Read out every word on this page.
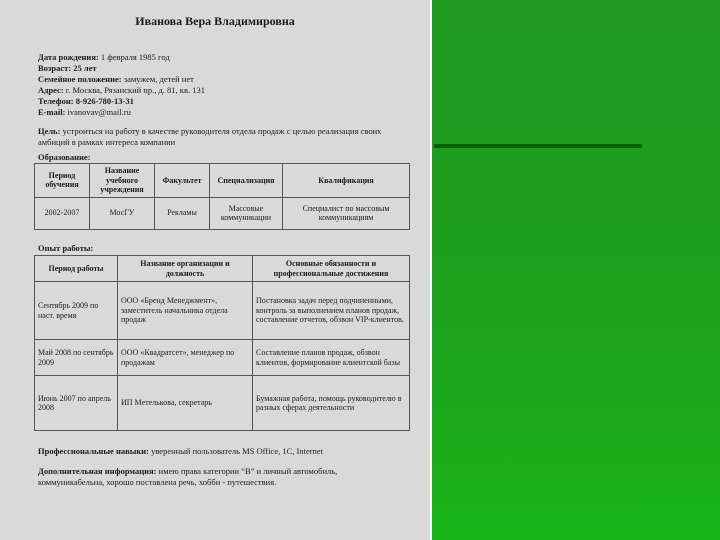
Иванова Вера Владимировна
Дата рождения: 1 февраля 1985 год
Возраст: 25 лет
Семейное положение: замужем, детей нет
Адрес: г. Москва, Рязанский пр., д. 81, кв. 131
Телефон: 8-926-780-13-31
E-mail: ivanovav@mail.ru
Цель: устроиться на работу в качестве руководителя отдела продаж с целью реализация своих амбиций в рамках интереса компании
Образование:
Период обучения	Название учебного учреждения	Факультет	Специализация	Квалификация
2002-2007	МосГУ	Рекламы	Массовые коммуникации	Специалист по массовым коммуникациям
Опыт работы:
Период работы	Название организации и должность	Основные обязанности и профессиональные достижения
Сентябрь 2009 по наст. время	ООО «Бренд Менеджмент», заместитель начальника отдела продаж	Постановка задач перед подчиненными, контроль за выполнением планов продаж, составление отчетов, обзвон VIP-клиентов.
Май 2008 по сентябрь 2009	ООО «Квадратсет», менеджер по продажам	Составление планов продаж, обзвон клиентов, формирование клиентской базы
Июнь 2007 по апрель 2008	ИП Метелькова, секретарь	Бумажная работа, помощь руководителю в разных сферах деятельности
Профессиональные навыки: уверенный пользователь MS Office, 1С, Internet
Дополнительная информация: имею права категории “В” и личный автомобиль, коммуникабельна, хорошо поставлена речь, хобби - путешествия.
